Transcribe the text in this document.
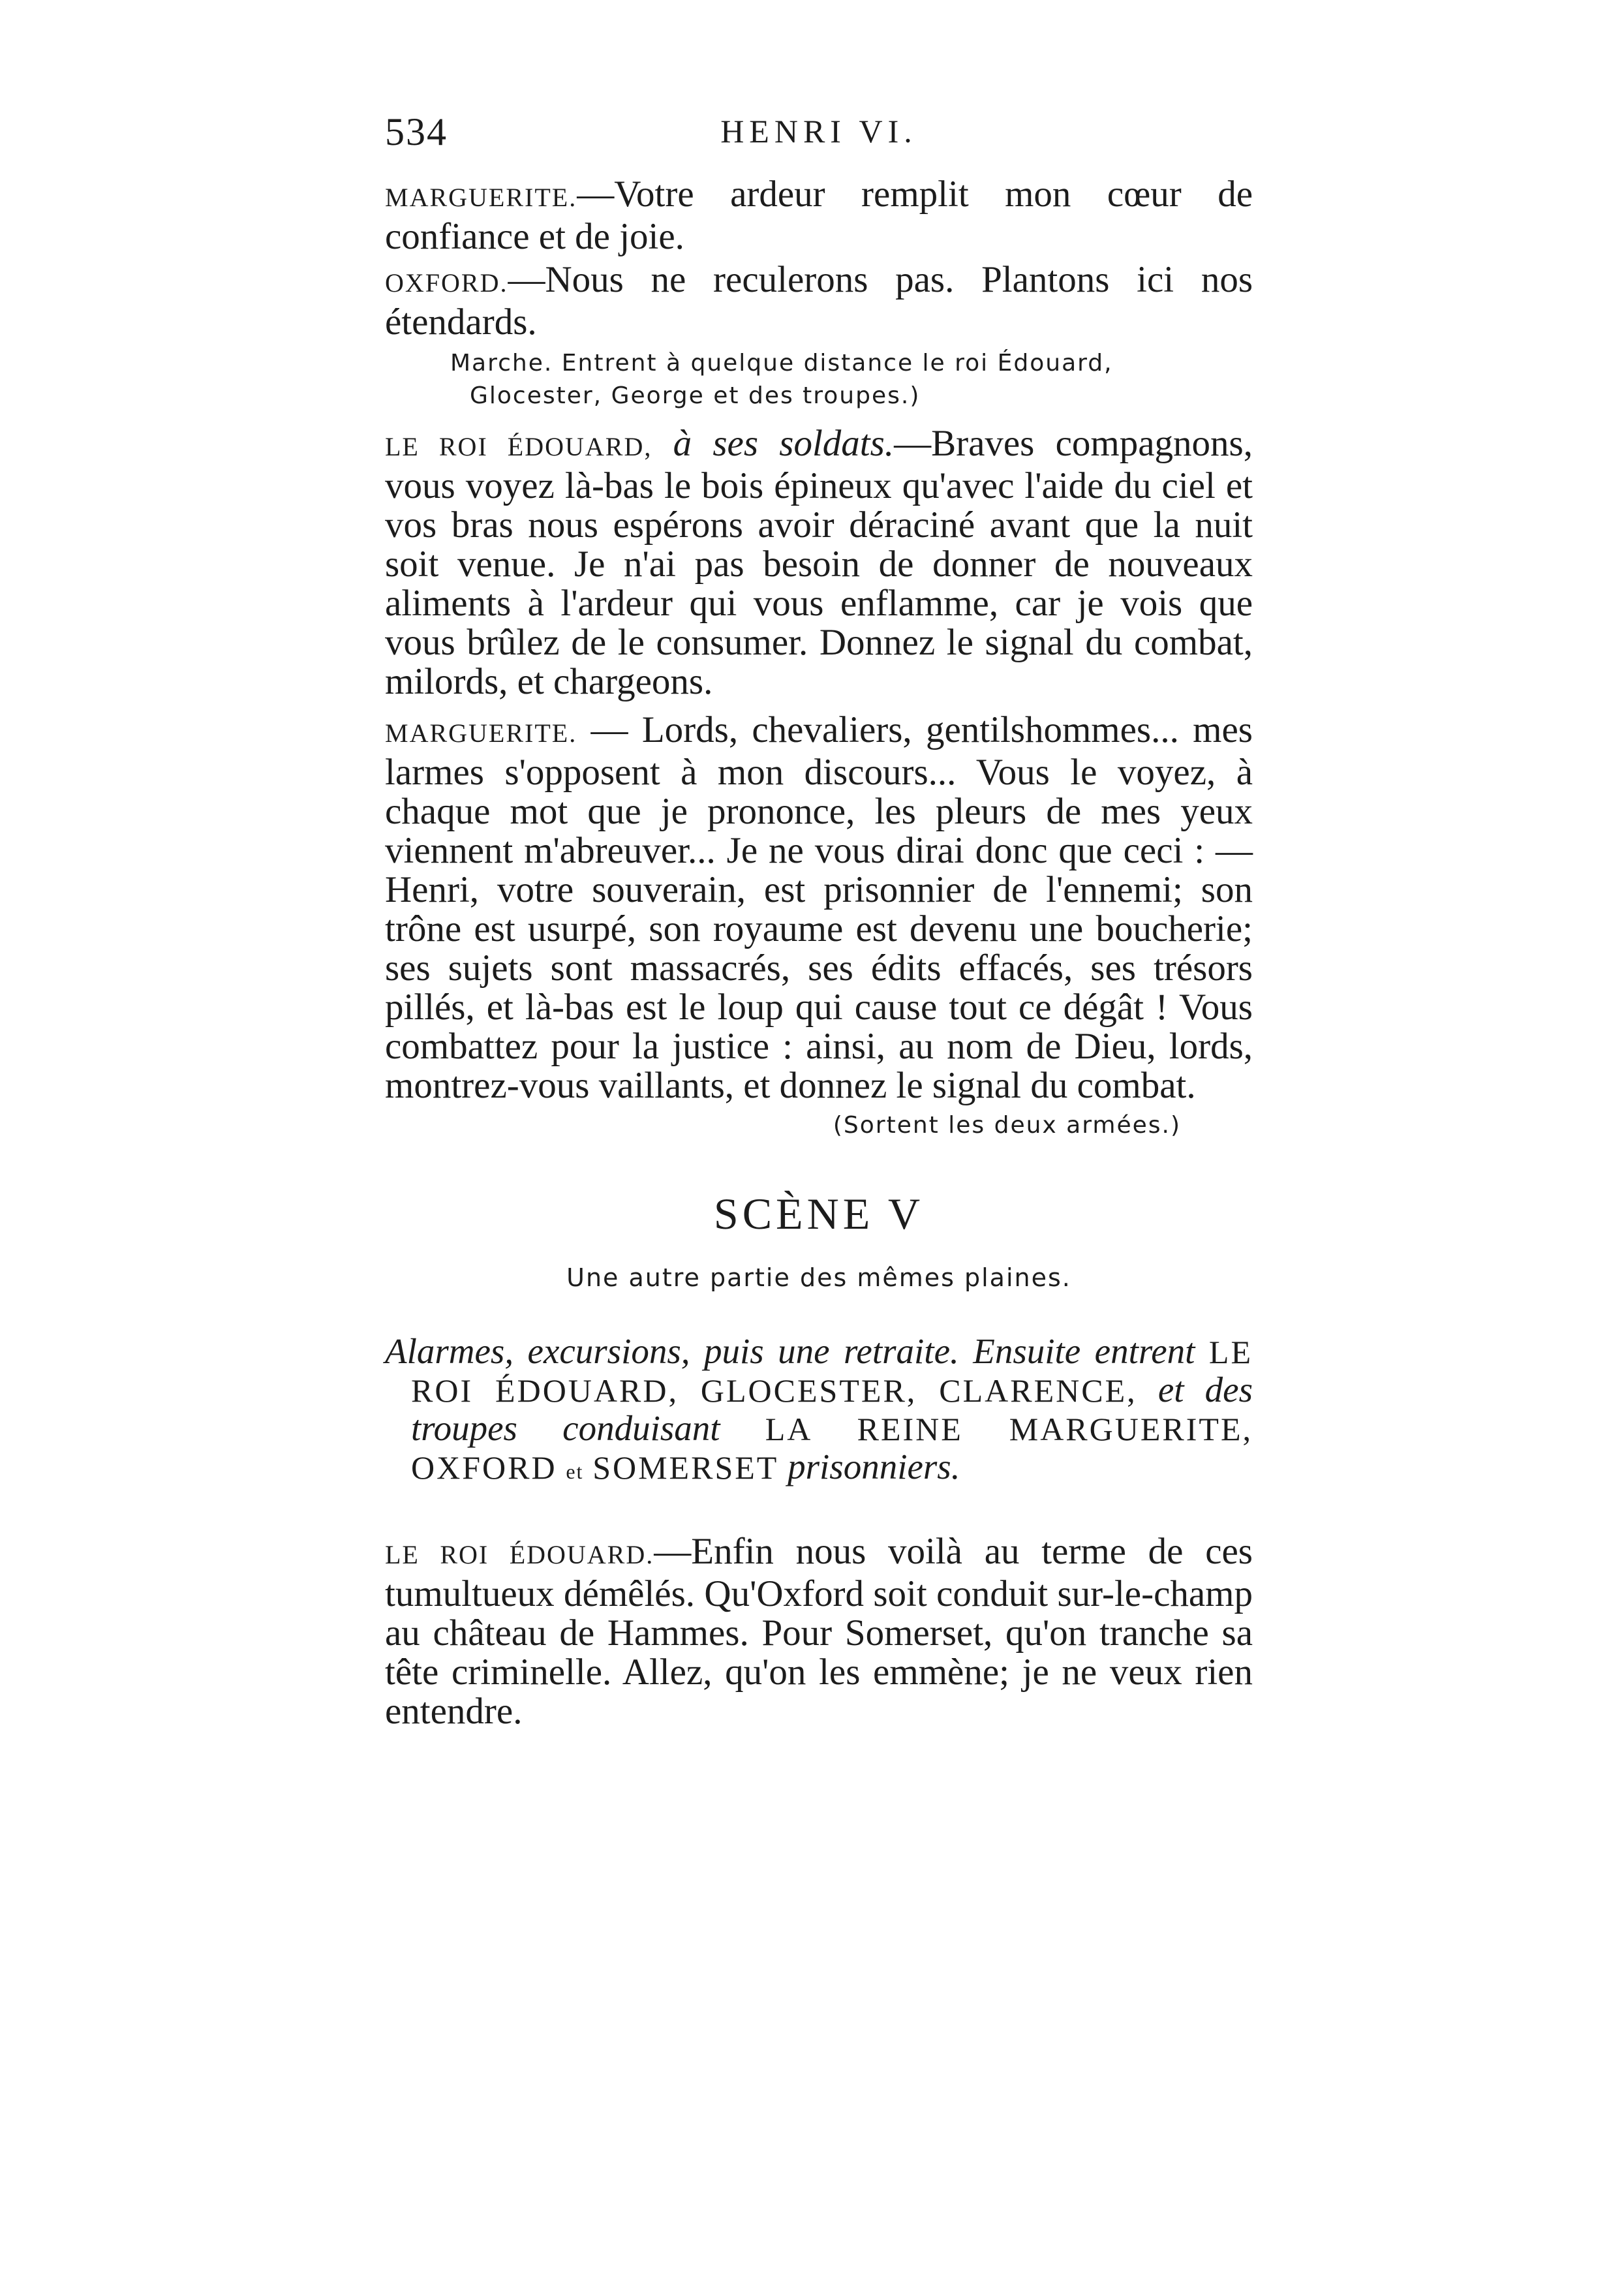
534	HENRI VI.

MARGUERITE.—Votre ardeur remplit mon cœur de confiance et de joie.

OXFORD.—Nous ne reculerons pas. Plantons ici nos étendards.

Marche. Entrent à quelque distance le roi Édouard, Glocester, George et des troupes.)

LE ROI ÉDOUARD, à ses soldats.—Braves compagnons, vous voyez là-bas le bois épineux qu'avec l'aide du ciel et vos bras nous espérons avoir déraciné avant que la nuit soit venue. Je n'ai pas besoin de donner de nouveaux aliments à l'ardeur qui vous enflamme, car je vois que vous brûlez de le consumer. Donnez le signal du combat, milords, et chargeons.

MARGUERITE. — Lords, chevaliers, gentilshommes... mes larmes s'opposent à mon discours... Vous le voyez, à chaque mot que je prononce, les pleurs de mes yeux viennent m'abreuver... Je ne vous dirai donc que ceci : —Henri, votre souverain, est prisonnier de l'ennemi; son trône est usurpé, son royaume est devenu une boucherie; ses sujets sont massacrés, ses édits effacés, ses trésors pillés, et là-bas est le loup qui cause tout ce dégât ! Vous combattez pour la justice : ainsi, au nom de Dieu, lords, montrez-vous vaillants, et donnez le signal du combat.

(Sortent les deux armées.)

SCÈNE V
Une autre partie des mêmes plaines.

Alarmes, excursions, puis une retraite. Ensuite entrent LE ROI ÉDOUARD, GLOCESTER, CLARENCE, et des troupes conduisant LA REINE MARGUERITE, OXFORD et SOMERSET prisonniers.

LE ROI ÉDOUARD.—Enfin nous voilà au terme de ces tumultueux démêlés. Qu'Oxford soit conduit sur-le-champ au château de Hammes. Pour Somerset, qu'on tranche sa tête criminelle. Allez, qu'on les emmène; je ne veux rien entendre.
